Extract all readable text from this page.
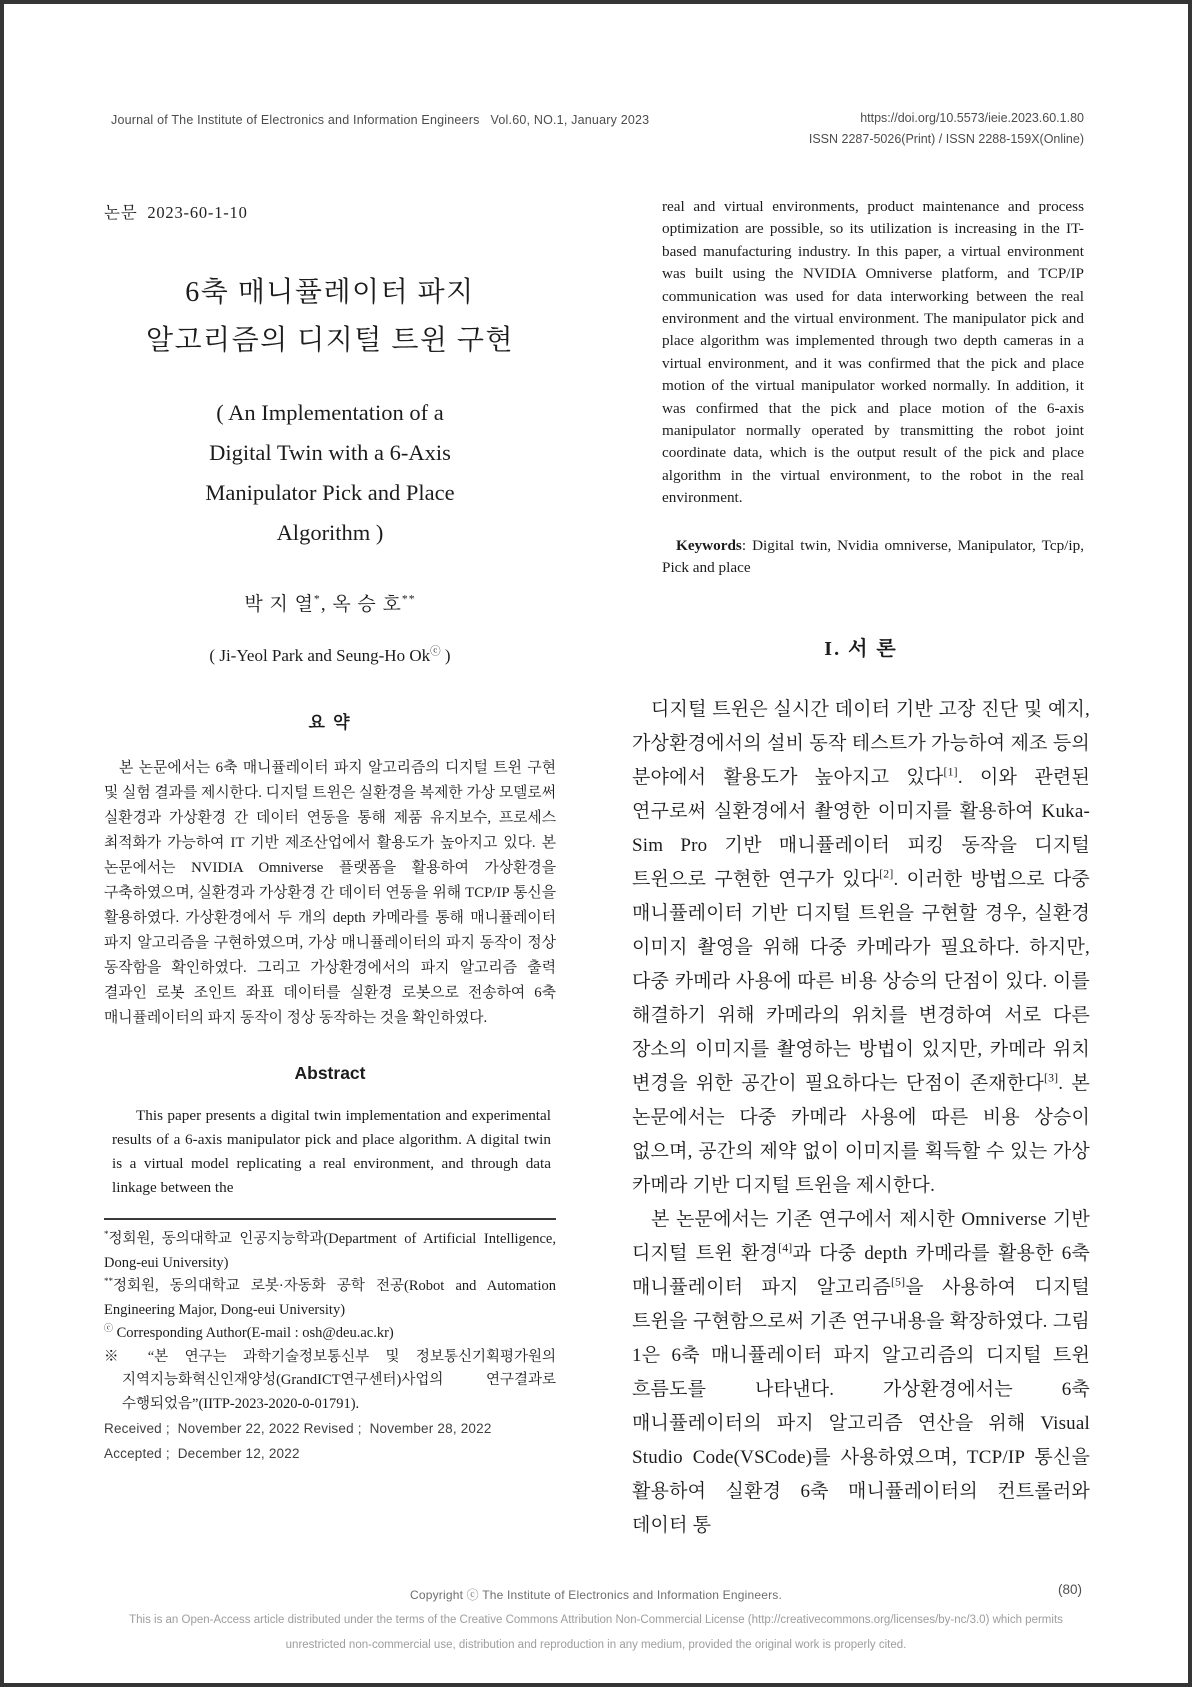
Journal of The Institute of Electronics and Information Engineers   Vol.60, NO.1, January 2023	https://doi.org/10.5573/ieie.2023.60.1.80
ISSN 2287-5026(Print) / ISSN 2288-159X(Online)
논문  2023-60-1-10
6축 매니퓰레이터 파지
알고리즘의 디지털 트윈 구현
( An Implementation of a
Digital Twin with a 6-Axis
Manipulator Pick and Place
Algorithm )
박 지 열*, 옥 승 호**
( Ji-Yeol Park and Seung-Ho Okⓒ )
요 약

본 논문에서는 6축 매니퓰레이터 파지 알고리즘의 디지털 트윈 구현 및 실험 결과를 제시한다. 디지털 트윈은 실환경을 복제한 가상 모델로써 실환경과 가상환경 간 데이터 연동을 통해 제품 유지보수, 프로세스 최적화가 가능하여 IT 기반 제조산업에서 활용도가 높아지고 있다. 본 논문에서는 NVIDIA Omniverse 플랫폼을 활용하여 가상환경을 구축하였으며, 실환경과 가상환경 간 데이터 연동을 위해 TCP/IP 통신을 활용하였다. 가상환경에서 두 개의 depth 카메라를 통해 매니퓰레이터 파지 알고리즘을 구현하였으며, 가상 매니퓰레이터의 파지 동작이 정상 동작함을 확인하였다. 그리고 가상환경에서의 파지 알고리즘 출력 결과인 로봇 조인트 좌표 데이터를 실환경 로봇으로 전송하여 6축 매니퓰레이터의 파지 동작이 정상 동작하는 것을 확인하였다.

Abstract

This paper presents a digital twin implementation and experimental results of a 6-axis manipulator pick and place algorithm. A digital twin is a virtual model replicating a real environment, and through data linkage between the

*정회원, 동의대학교 인공지능학과(Department of Artificial Intelligence, Dong-eui University)
**정회원, 동의대학교 로봇·자동화 공학 전공(Robot and Automation Engineering Major, Dong-eui University)
ⓒ Corresponding Author(E-mail : osh@deu.ac.kr)
※ “본 연구는 과학기술정보통신부 및 정보통신기획평가원의 지역지능화혁신인재양성(GrandICT연구센터)사업의 연구결과로 수행되었음”(IITP-2023-2020-0-01791).
Received ;  November 22, 2022 Revised ;  November 28, 2022
Accepted ;  December 12, 2022

real and virtual environments, product maintenance and process optimization are possible, so its utilization is increasing in the IT-based manufacturing industry. In this paper, a virtual environment was built using the NVIDIA Omniverse platform, and TCP/IP communication was used for data interworking between the real environment and the virtual environment. The manipulator pick and place algorithm was implemented through two depth cameras in a virtual environment, and it was confirmed that the pick and place motion of the virtual manipulator worked normally. In addition, it was confirmed that the pick and place motion of the 6-axis manipulator normally operated by transmitting the robot joint coordinate data, which is the output result of the pick and place algorithm in the virtual environment, to the robot in the real environment.

Keywords: Digital twin, Nvidia omniverse, Manipulator, Tcp/ip, Pick and place

I. 서 론

디지털 트윈은 실시간 데이터 기반 고장 진단 및 예지, 가상환경에서의 설비 동작 테스트가 가능하여 제조 등의 분야에서 활용도가 높아지고 있다[1]. 이와 관련된 연구로써 실환경에서 촬영한 이미지를 활용하여 Kuka-Sim Pro 기반 매니퓰레이터 피킹 동작을 디지털 트윈으로 구현한 연구가 있다[2]. 이러한 방법으로 다중 매니퓰레이터 기반 디지털 트윈을 구현할 경우, 실환경 이미지 촬영을 위해 다중 카메라가 필요하다. 하지만, 다중 카메라 사용에 따른 비용 상승의 단점이 있다. 이를 해결하기 위해 카메라의 위치를 변경하여 서로 다른 장소의 이미지를 촬영하는 방법이 있지만, 카메라 위치 변경을 위한 공간이 필요하다는 단점이 존재한다[3]. 본 논문에서는 다중 카메라 사용에 따른 비용 상승이 없으며, 공간의 제약 없이 이미지를 획득할 수 있는 가상 카메라 기반 디지털 트윈을 제시한다.

본 논문에서는 기존 연구에서 제시한 Omniverse 기반 디지털 트윈 환경[4]과 다중 depth 카메라를 활용한 6축 매니퓰레이터 파지 알고리즘[5]을 사용하여 디지털 트윈을 구현함으로써 기존 연구내용을 확장하였다. 그림 1은 6축 매니퓰레이터 파지 알고리즘의 디지털 트윈 흐름도를 나타낸다. 가상환경에서는 6축 매니퓰레이터의 파지 알고리즘 연산을 위해 Visual Studio Code(VSCode)를 사용하였으며, TCP/IP 통신을 활용하여 실환경 6축 매니퓰레이터의 컨트롤러와 데이터 통

Copyright ⓒ The Institute of Electronics and Information Engineers.	(80)
This is an Open-Access article distributed under the terms of the Creative Commons Attribution Non-Commercial License (http://creativecommons.org/licenses/by-nc/3.0) which permits unrestricted non-commercial use, distribution and reproduction in any medium, provided the original work is properly cited.
